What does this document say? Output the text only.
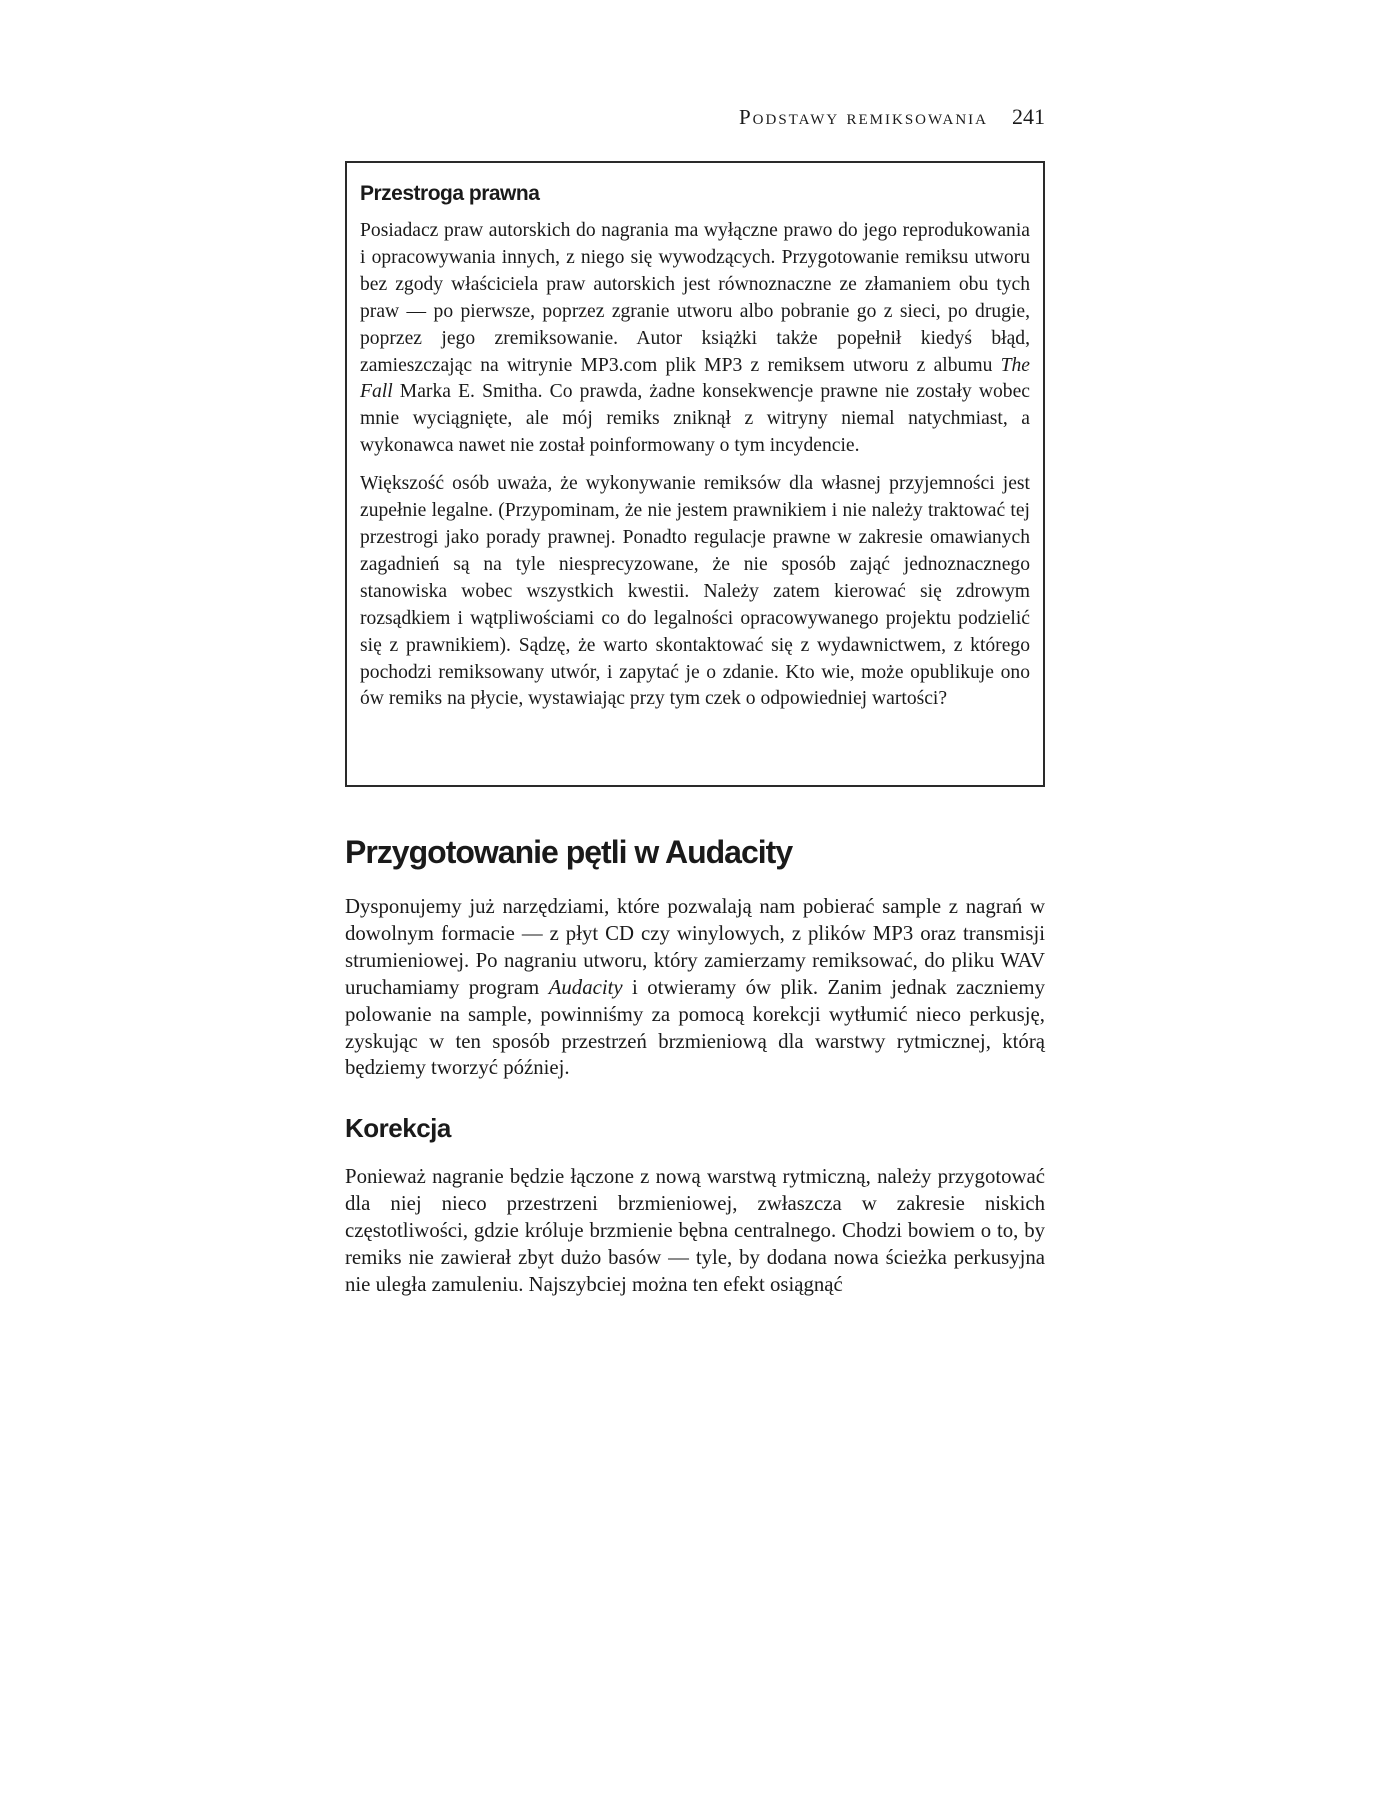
Podstawy remiksowania 241
Przestroga prawna

Posiadacz praw autorskich do nagrania ma wyłączne prawo do jego reprodukowania i opracowywania innych, z niego się wywodzących. Przygotowanie remiksu utworu bez zgody właściciela praw autorskich jest równoznaczne ze złamaniem obu tych praw — po pierwsze, poprzez zgranie utworu albo pobranie go z sieci, po drugie, poprzez jego zremiksowanie. Autor książki także popełnił kiedyś błąd, zamieszczając na witrynie MP3.com plik MP3 z remiksem utworu z albumu The Fall Marka E. Smitha. Co prawda, żadne konsekwencje prawne nie zostały wobec mnie wyciągnięte, ale mój remiks zniknął z witryny niemal natychmiast, a wykonawca nawet nie został poinformowany o tym incydencie.

Większość osób uważa, że wykonywanie remiksów dla własnej przyjemności jest zupełnie legalne. (Przypominam, że nie jestem prawnikiem i nie należy traktować tej przestrogi jako porady prawnej. Ponadto regulacje prawne w zakresie omawianych zagadnień są na tyle niesprecyzowane, że nie sposób zająć jednoznacznego stanowiska wobec wszystkich kwestii. Należy zatem kierować się zdrowym rozsądkiem i wątpliwościami co do legalności opracowywanego projektu podzielić się z prawnikiem). Sądzę, że warto skontaktować się z wydawnictwem, z którego pochodzi remiksowany utwór, i zapytać je o zdanie. Kto wie, może opublikuje ono ów remiks na płycie, wystawiając przy tym czek o odpowiedniej wartości?

Przygotowanie pętli w Audacity

Dysponujemy już narzędziami, które pozwalają nam pobierać sample z nagrań w dowolnym formacie — z płyt CD czy winylowych, z plików MP3 oraz transmisji strumieniowej. Po nagraniu utworu, który zamierzamy remiksować, do pliku WAV uruchamiamy program Audacity i otwieramy ów plik. Zanim jednak zaczniemy polowanie na sample, powinniśmy za pomocą korekcji wytłumić nieco perkusję, zyskując w ten sposób przestrzeń brzmieniową dla warstwy rytmicznej, którą będziemy tworzyć później.

Korekcja

Ponieważ nagranie będzie łączone z nową warstwą rytmiczną, należy przygotować dla niej nieco przestrzeni brzmieniowej, zwłaszcza w zakresie niskich częstotliwości, gdzie króluje brzmienie bębna centralnego. Chodzi bowiem o to, by remiks nie zawierał zbyt dużo basów — tyle, by dodana nowa ścieżka perkusyjna nie uległa zamuleniu. Najszybciej można ten efekt osiągnąć
